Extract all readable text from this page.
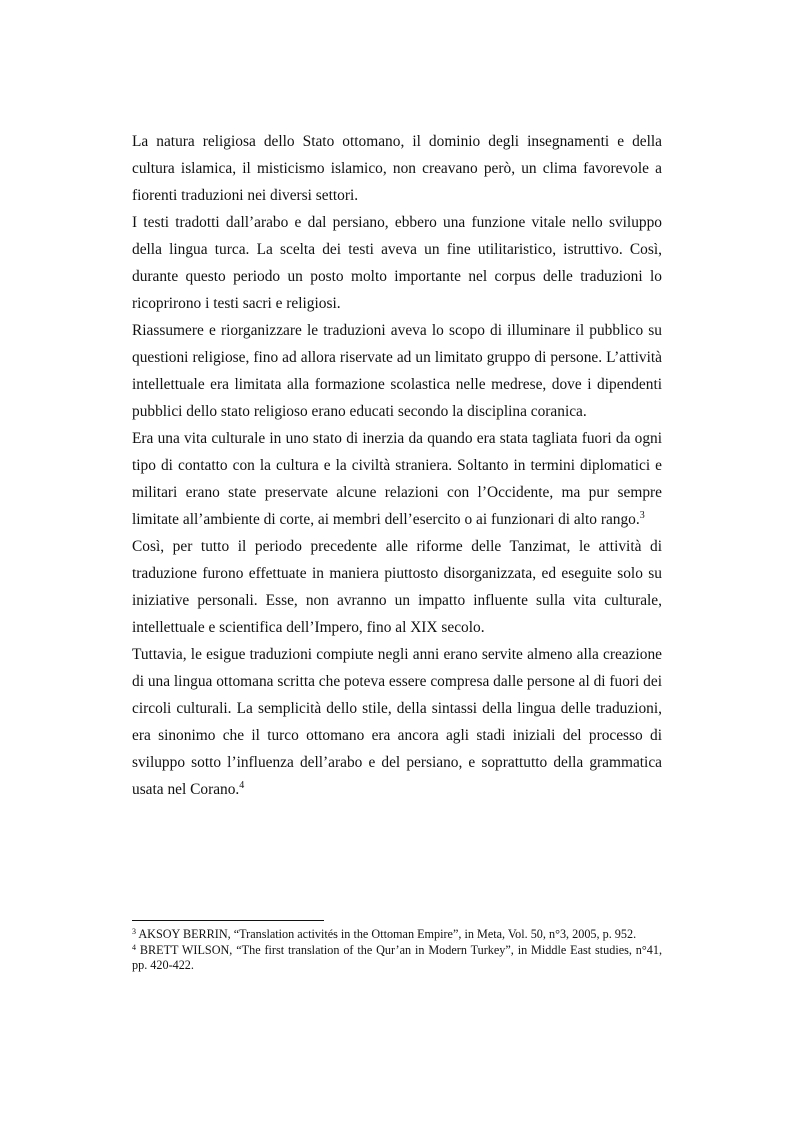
La natura religiosa dello Stato ottomano, il dominio degli insegnamenti e della cultura islamica, il misticismo islamico, non creavano però, un clima favorevole a fiorenti traduzioni nei diversi settori.

I testi tradotti dall’arabo e dal persiano, ebbero una funzione vitale nello sviluppo della lingua turca. La scelta dei testi aveva un fine utilitaristico, istruttivo. Così, durante questo periodo un posto molto importante nel corpus delle traduzioni lo ricoprirono i testi sacri e religiosi.

Riassumere e riorganizzare le traduzioni aveva lo scopo di illuminare il pubblico su questioni religiose, fino ad allora riservate ad un limitato gruppo di persone. L’attività intellettuale era limitata alla formazione scolastica nelle medrese, dove i dipendenti pubblici dello stato religioso erano educati secondo la disciplina coranica.

Era una vita culturale in uno stato di inerzia da quando era stata tagliata fuori da ogni tipo di contatto con la cultura e la civiltà straniera. Soltanto in termini diplomatici e militari erano state preservate alcune relazioni con l’Occidente, ma pur sempre limitate all’ambiente di corte, ai membri dell’esercito o ai funzionari di alto rango.$^3$

Così, per tutto il periodo precedente alle riforme delle Tanzimat, le attività di traduzione furono effettuate in maniera piuttosto disorganizzata, ed eseguite solo su iniziative personali. Esse, non avranno un impatto influente sulla vita culturale, intellettuale e scientifica dell’Impero, fino al XIX secolo.

Tuttavia, le esigue traduzioni compiute negli anni erano servite almeno alla creazione di una lingua ottomana scritta che poteva essere compresa dalle persone al di fuori dei circoli culturali. La semplicità dello stile, della sintassi della lingua delle traduzioni, era sinonimo che il turco ottomano era ancora agli stadi iniziali del processo di sviluppo sotto l’influenza dell’arabo e del persiano, e soprattutto della grammatica usata nel Corano.$^4$

$^3$ AKSOY BERRIN, “Translation activités in the Ottoman Empire”, in Meta, Vol. 50, n°3, 2005, p. 952.

$^4$ BRETT WILSON, “The first translation of the Qur’an in Modern Turkey”, in Middle East studies, n°41, pp. 420-422.
